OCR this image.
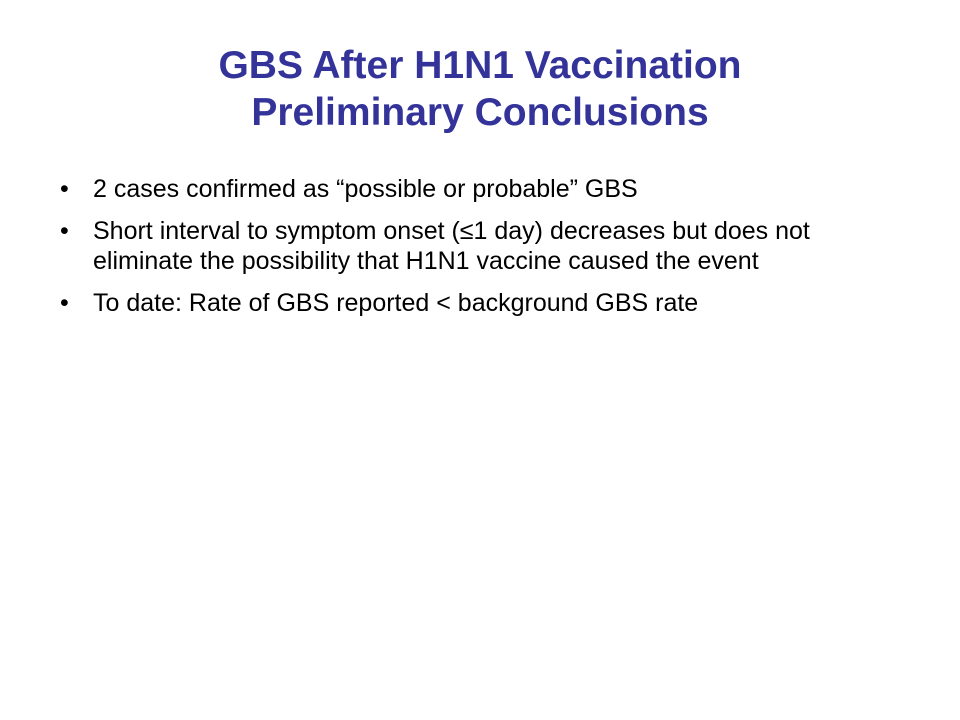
GBS After H1N1 Vaccination
Preliminary Conclusions
• 2 cases confirmed as “possible or probable” GBS
• Short interval to symptom onset (≤1 day) decreases but does not eliminate the possibility that H1N1 vaccine caused the event
• To date: Rate of GBS reported < background GBS rate
